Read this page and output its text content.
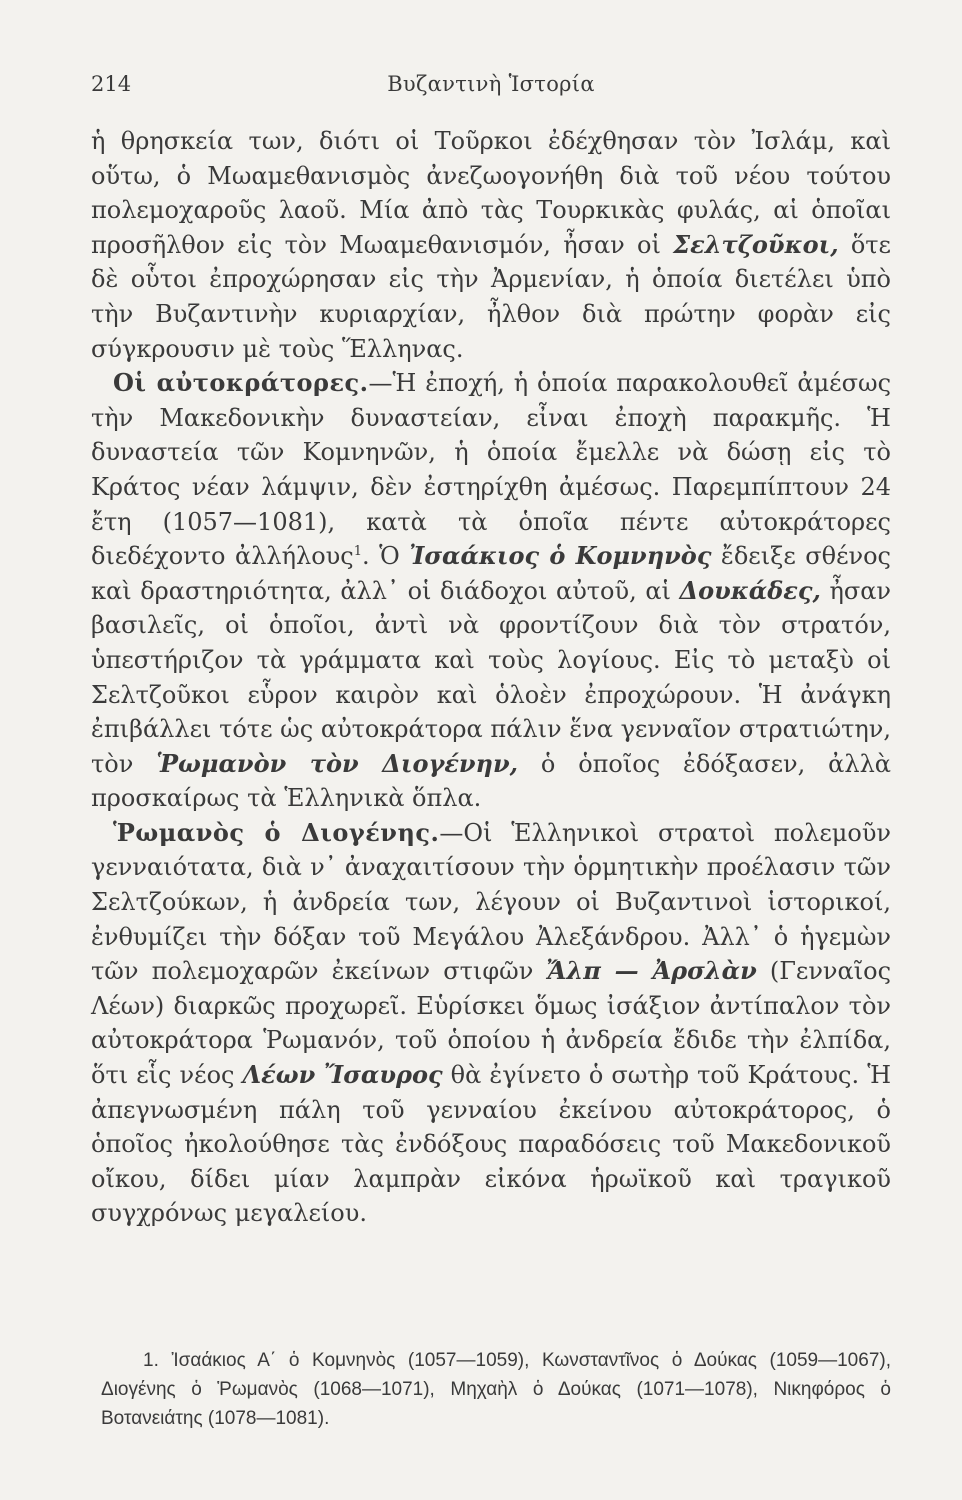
214	Βυζαντινὴ Ἱστορία

ἡ θρησκεία των, διότι οἱ Τοῦρκοι ἐδέχθησαν τὸν Ἰσλάμ, καὶ οὕτω, ὁ Μωαμεθανισμὸς ἀνεζωογονήθη διὰ τοῦ νέου τούτου πολεμοχαροῦς λαοῦ. Μία ἀπὸ τὰς Τουρκικὰς φυλάς, αἱ ὁποῖαι προσῆλθον εἰς τὸν Μωαμεθανισμόν, ἦσαν οἱ Σελτζοῦκοι, ὅτε δὲ οὗτοι ἐπροχώρησαν εἰς τὴν Ἀρμενίαν, ἡ ὁποία διετέλει ὑπὸ τὴν Βυζαντινὴν κυριαρχίαν, ἦλθον διὰ πρώτην φορὰν εἰς σύγκρουσιν μὲ τοὺς Ἕλληνας.

Οἱ αὐτοκράτορες.—Ἡ ἐποχή, ἡ ὁποία παρακολουθεῖ ἀμέσως τὴν Μακεδονικὴν δυναστείαν, εἶναι ἐποχὴ παρακμῆς. Ἡ δυναστεία τῶν Κομνηνῶν, ἡ ὁποία ἔμελλε νὰ δώσῃ εἰς τὸ Κράτος νέαν λάμψιν, δὲν ἐστηρίχθη ἀμέσως. Παρεμπίπτουν 24 ἔτη (1057—1081), κατὰ τὰ ὁποῖα πέντε αὐτοκράτορες διεδέχοντο ἀλλήλους$^1$. Ὁ Ἰσαάκιος ὁ Κομνηνὸς ἔδειξε σθένος καὶ δραστηριότητα, ἀλλ᾽ οἱ διάδοχοι αὐτοῦ, αἱ Δουκάδες, ἦσαν βασιλεῖς, οἱ ὁποῖοι, ἀντὶ νὰ φροντίζουν διὰ τὸν στρατόν, ὑπεστήριζον τὰ γράμματα καὶ τοὺς λογίους. Εἰς τὸ μεταξὺ οἱ Σελτζοῦκοι εὗρον καιρὸν καὶ ὁλοὲν ἐπροχώρουν. Ἡ ἀνάγκη ἐπιβάλλει τότε ὡς αὐτοκράτορα πάλιν ἕνα γενναῖον στρατιώτην, τὸν Ῥωμανὸν τὸν Διογένην, ὁ ὁποῖος ἐδόξασεν, ἀλλὰ προσκαίρως τὰ Ἑλληνικὰ ὅπλα.

Ῥωμανὸς ὁ Διογένης.—Οἱ Ἑλληνικοὶ στρατοὶ πολεμοῦν γενναιότατα, διὰ ν᾽ ἀναχαιτίσουν τὴν ὁρμητικὴν προέλασιν τῶν Σελτζούκων, ἡ ἀνδρεία των, λέγουν οἱ Βυζαντινοὶ ἱστορικοί, ἐνθυμίζει τὴν δόξαν τοῦ Μεγάλου Ἀλεξάνδρου. Ἀλλ᾽ ὁ ἡγεμὼν τῶν πολεμοχαρῶν ἐκείνων στιφῶν Ἄλπ — Ἀρσλὰν (Γενναῖος Λέων) διαρκῶς προχωρεῖ. Εὑρίσκει ὅμως ἰσάξιον ἀντίπαλον τὸν αὐτοκράτορα Ῥωμανόν, τοῦ ὁποίου ἡ ἀνδρεία ἔδιδε τὴν ἐλπίδα, ὅτι εἷς νέος Λέων Ἴσαυρος θὰ ἐγίνετο ὁ σωτὴρ τοῦ Κράτους. Ἡ ἀπεγνωσμένη πάλη τοῦ γενναίου ἐκείνου αὐτοκράτορος, ὁ ὁποῖος ἠκολούθησε τὰς ἐνδόξους παραδόσεις τοῦ Μακεδονικοῦ οἴκου, δίδει μίαν λαμπρὰν εἰκόνα ἡρωϊκοῦ καὶ τραγικοῦ συγχρόνως μεγαλείου.

1. Ἰσαάκιος Α΄ ὁ Κομνηνὸς (1057—1059), Κωνσταντῖνος ὁ Δούκας (1059—1067), Διογένης ὁ Ῥωμανὸς (1068—1071), Μηχαὴλ ὁ Δούκας (1071—1078), Νικηφόρος ὁ Βοτανειάτης (1078—1081).
